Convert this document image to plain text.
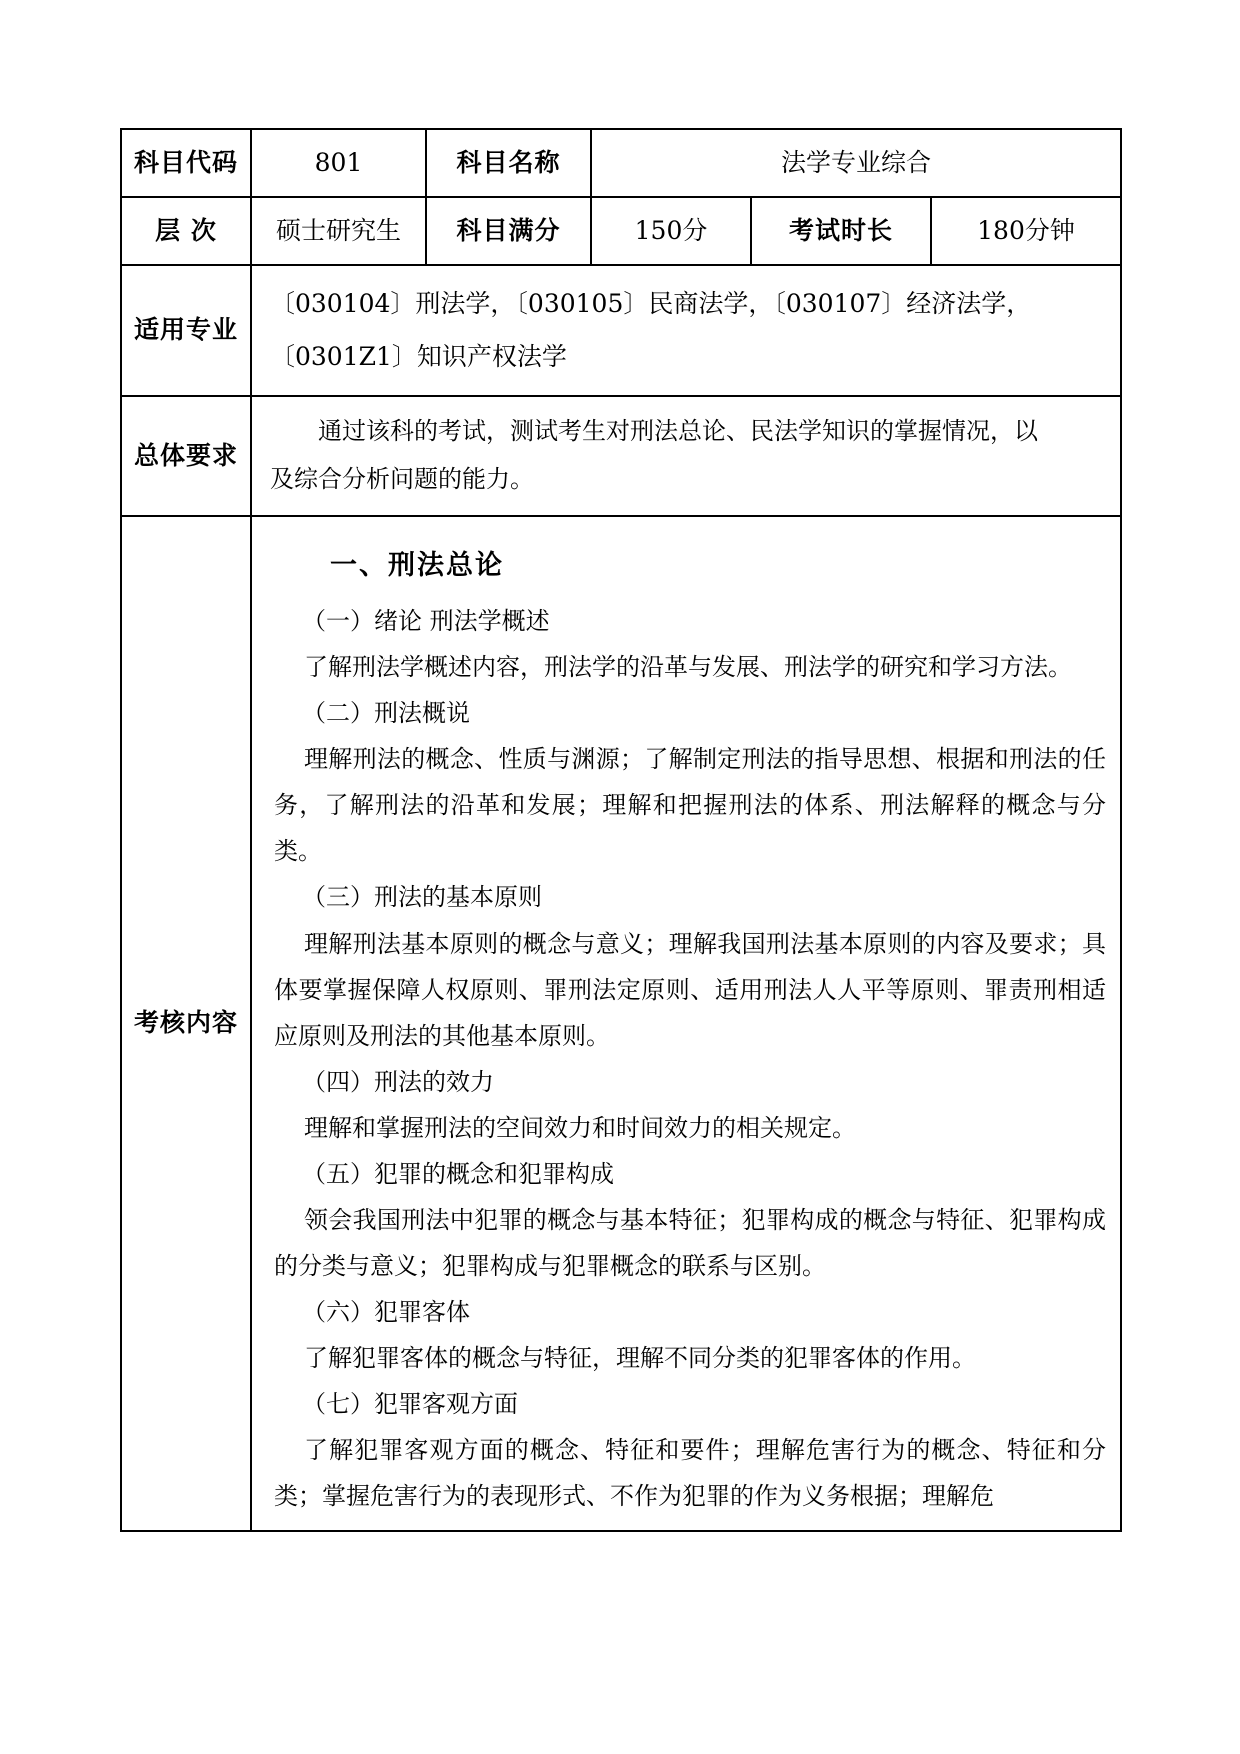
科目代码	801	科目名称	法学专业综合		
层 次	硕士研究生	科目满分	150分	考试时长	180分钟
适用专业	〔030104〕刑法学，〔030105〕民商法学，〔030107〕经济法学，
〔0301Z1〕知识产权法学				

总体要求	通过该科的考试，测试考生对刑法总论、民法学知识的掌握情况，以
及综合分析问题的能力。				

考核内容	
一、刑法总论

（一）绪论 刑法学概述

了解刑法学概述内容，刑法学的沿革与发展、刑法学的研究和学习方法。

（二）刑法概说

理解刑法的概念、性质与渊源；了解制定刑法的指导思想、根据和刑法的任务，了解刑法的沿革和发展；理解和把握刑法的体系、刑法解释的概念与分类。

（三）刑法的基本原则

理解刑法基本原则的概念与意义；理解我国刑法基本原则的内容及要求；具体要掌握保障人权原则、罪刑法定原则、适用刑法人人平等原则、罪责刑相适应原则及刑法的其他基本原则。

（四）刑法的效力

理解和掌握刑法的空间效力和时间效力的相关规定。

（五）犯罪的概念和犯罪构成

领会我国刑法中犯罪的概念与基本特征；犯罪构成的概念与特征、犯罪构成的分类与意义；犯罪构成与犯罪概念的联系与区别。

（六）犯罪客体

了解犯罪客体的概念与特征，理解不同分类的犯罪客体的作用。

（七）犯罪客观方面

了解犯罪客观方面的概念、特征和要件；理解危害行为的概念、特征和分类；掌握危害行为的表现形式、不作为犯罪的作为义务根据；理解危
